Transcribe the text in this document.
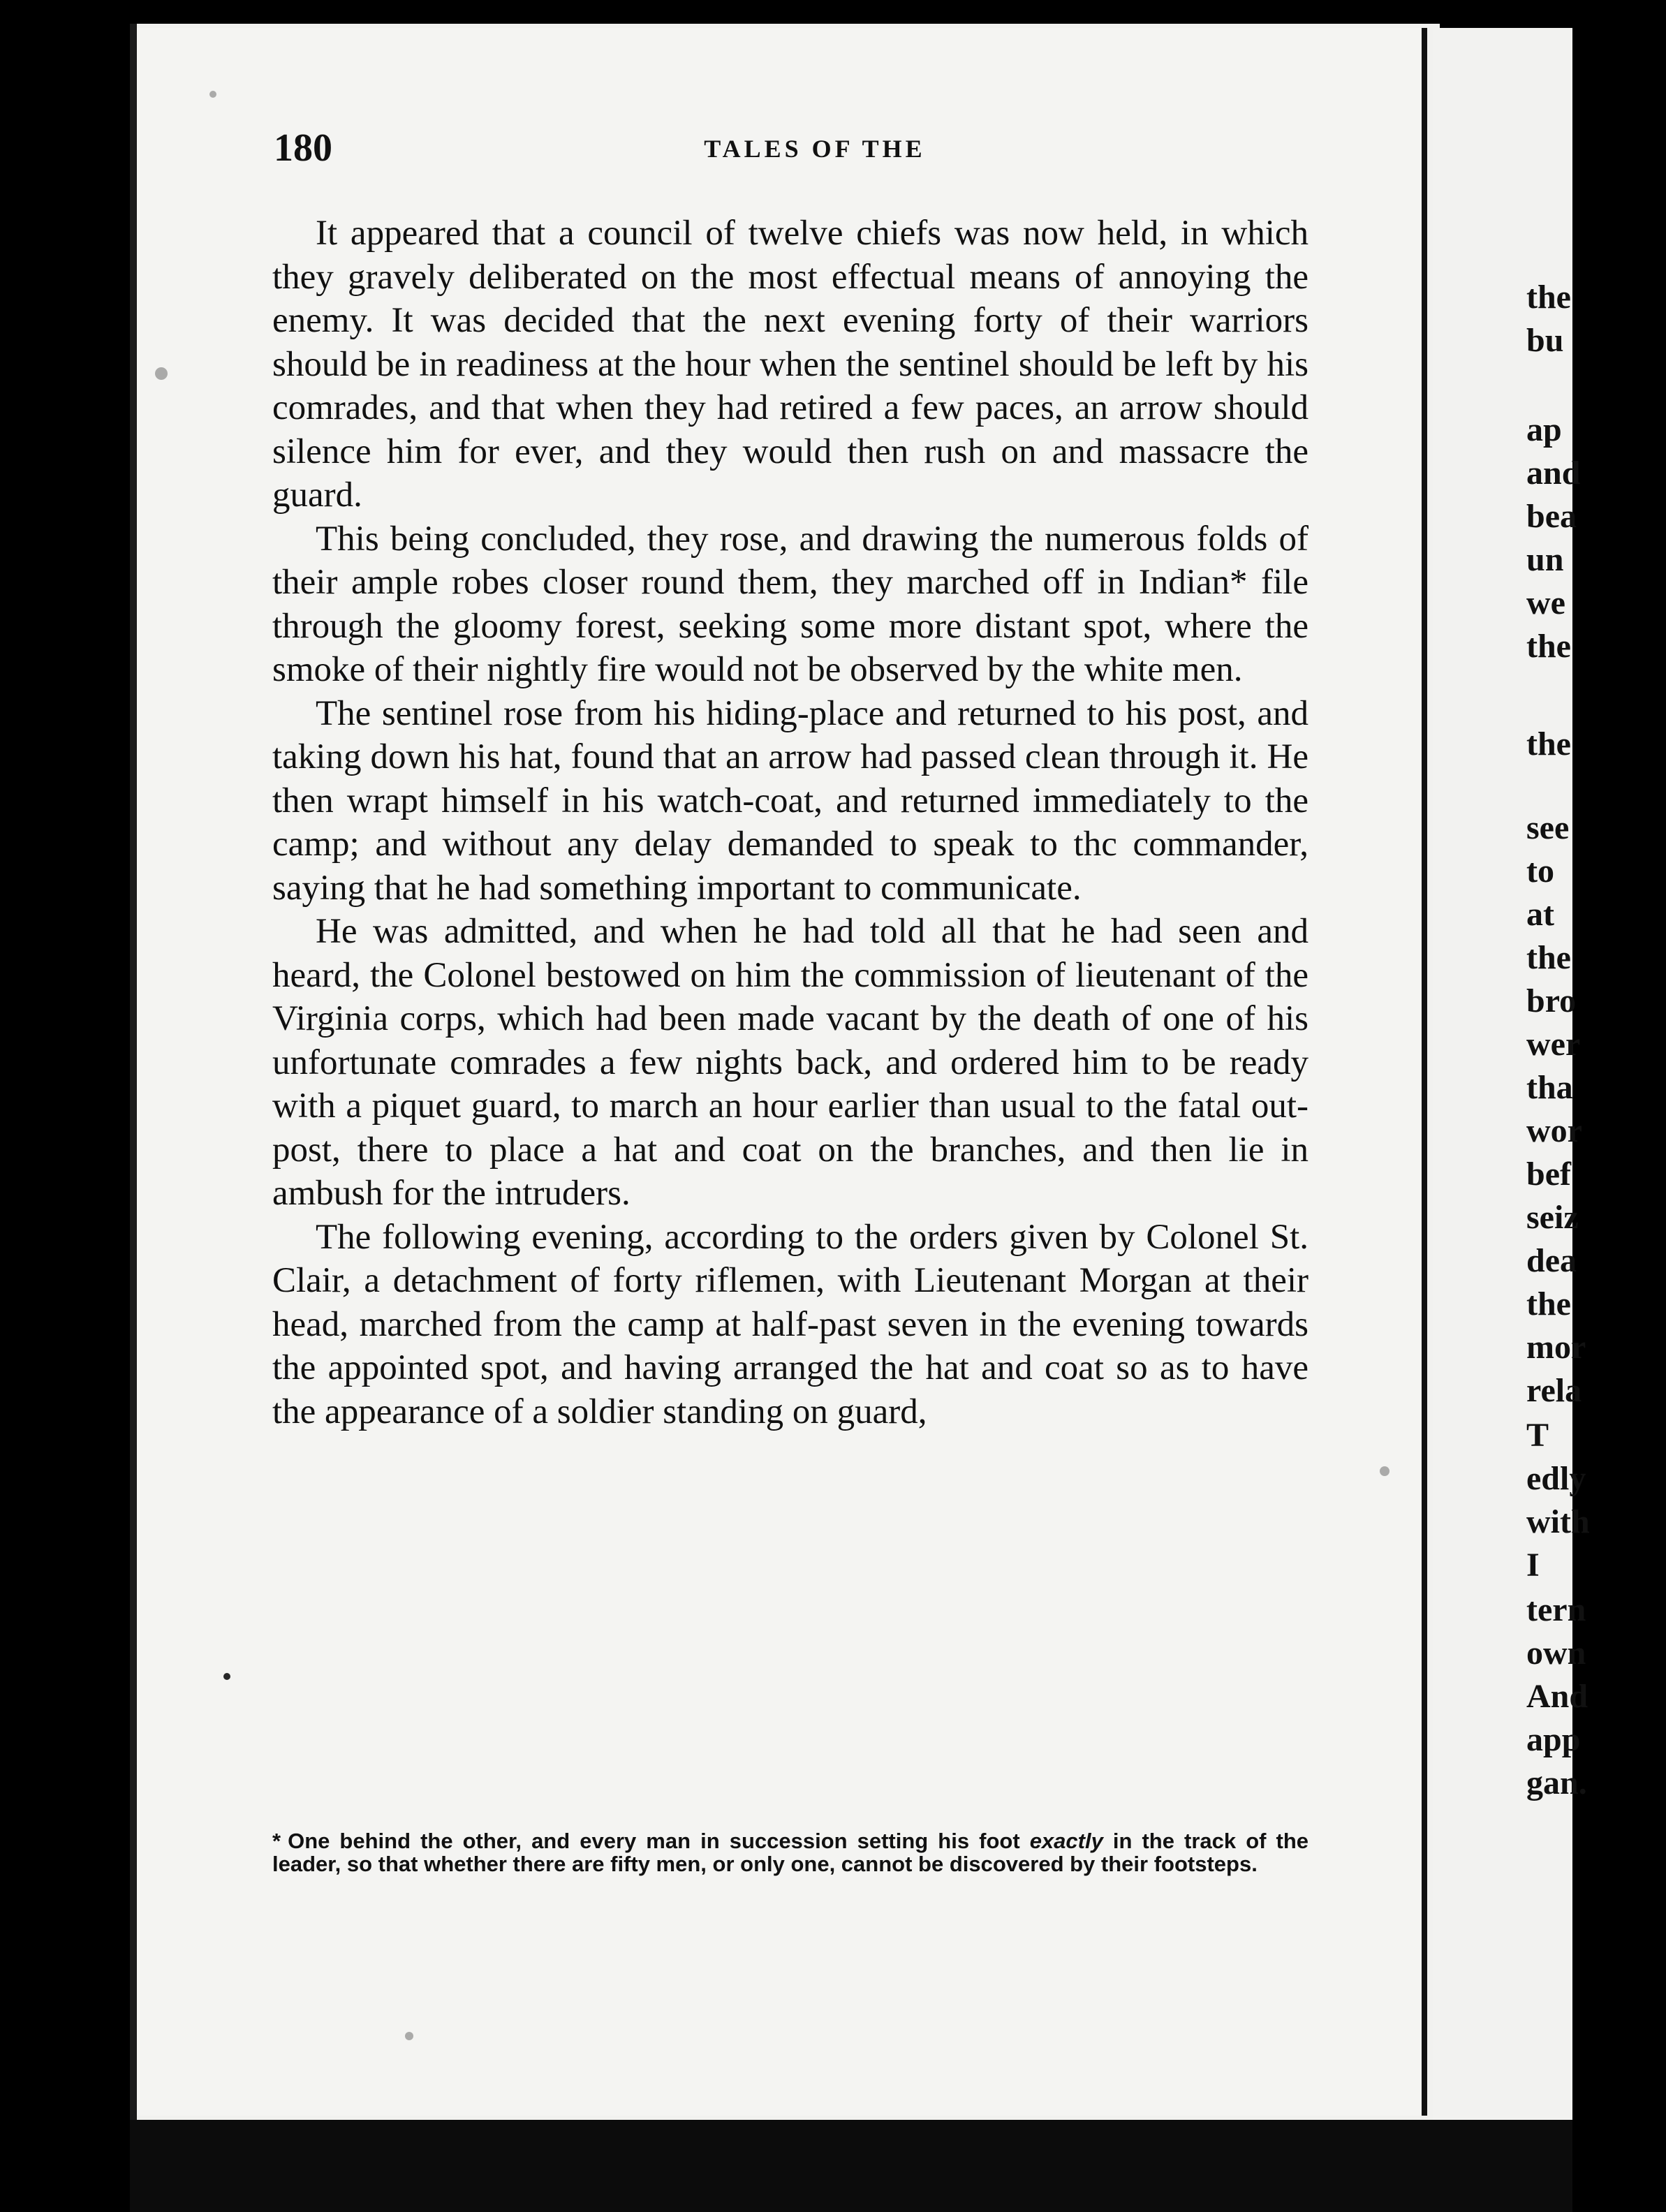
the
bu
ap
and
bea
un
we
the
the
see
to
at
the
bro
wer
tha
wor
bef
seiz
dea
the
mor
rela
T
edly
with
I
tern
own
And
app
gan.
180	TALES OF THE

It appeared that a council of twelve chiefs was now held, in which they gravely deliberated on the most effectual means of annoying the enemy. It was decided that the next evening forty of their warriors should be in readiness at the hour when the sentinel should be left by his comrades, and that when they had retired a few paces, an arrow should silence him for ever, and they would then rush on and massacre the guard.

This being concluded, they rose, and drawing the numerous folds of their ample robes closer round them, they marched off in Indian* file through the gloomy forest, seeking some more distant spot, where the smoke of their nightly fire would not be observed by the white men.

The sentinel rose from his hiding-place and returned to his post, and taking down his hat, found that an arrow had passed clean through it. He then wrapt himself in his watch-coat, and returned immediately to the camp; and without any delay demanded to speak to thc commander, saying that he had something important to communicate.

He was admitted, and when he had told all that he had seen and heard, the Colonel bestowed on him the commission of lieutenant of the Virginia corps, which had been made vacant by the death of one of his unfortunate comrades a few nights back, and ordered him to be ready with a piquet guard, to march an hour earlier than usual to the fatal out-post, there to place a hat and coat on the branches, and then lie in ambush for the intruders.

The following evening, according to the orders given by Colonel St. Clair, a detachment of forty riflemen, with Lieutenant Morgan at their head, marched from the camp at half-past seven in the evening towards the appointed spot, and having arranged the hat and coat so as to have the appearance of a soldier standing on guard,

* One behind the other, and every man in succession setting his foot exactly in the track of the leader, so that whether there are fifty men, or only one, cannot be discovered by their footsteps.
